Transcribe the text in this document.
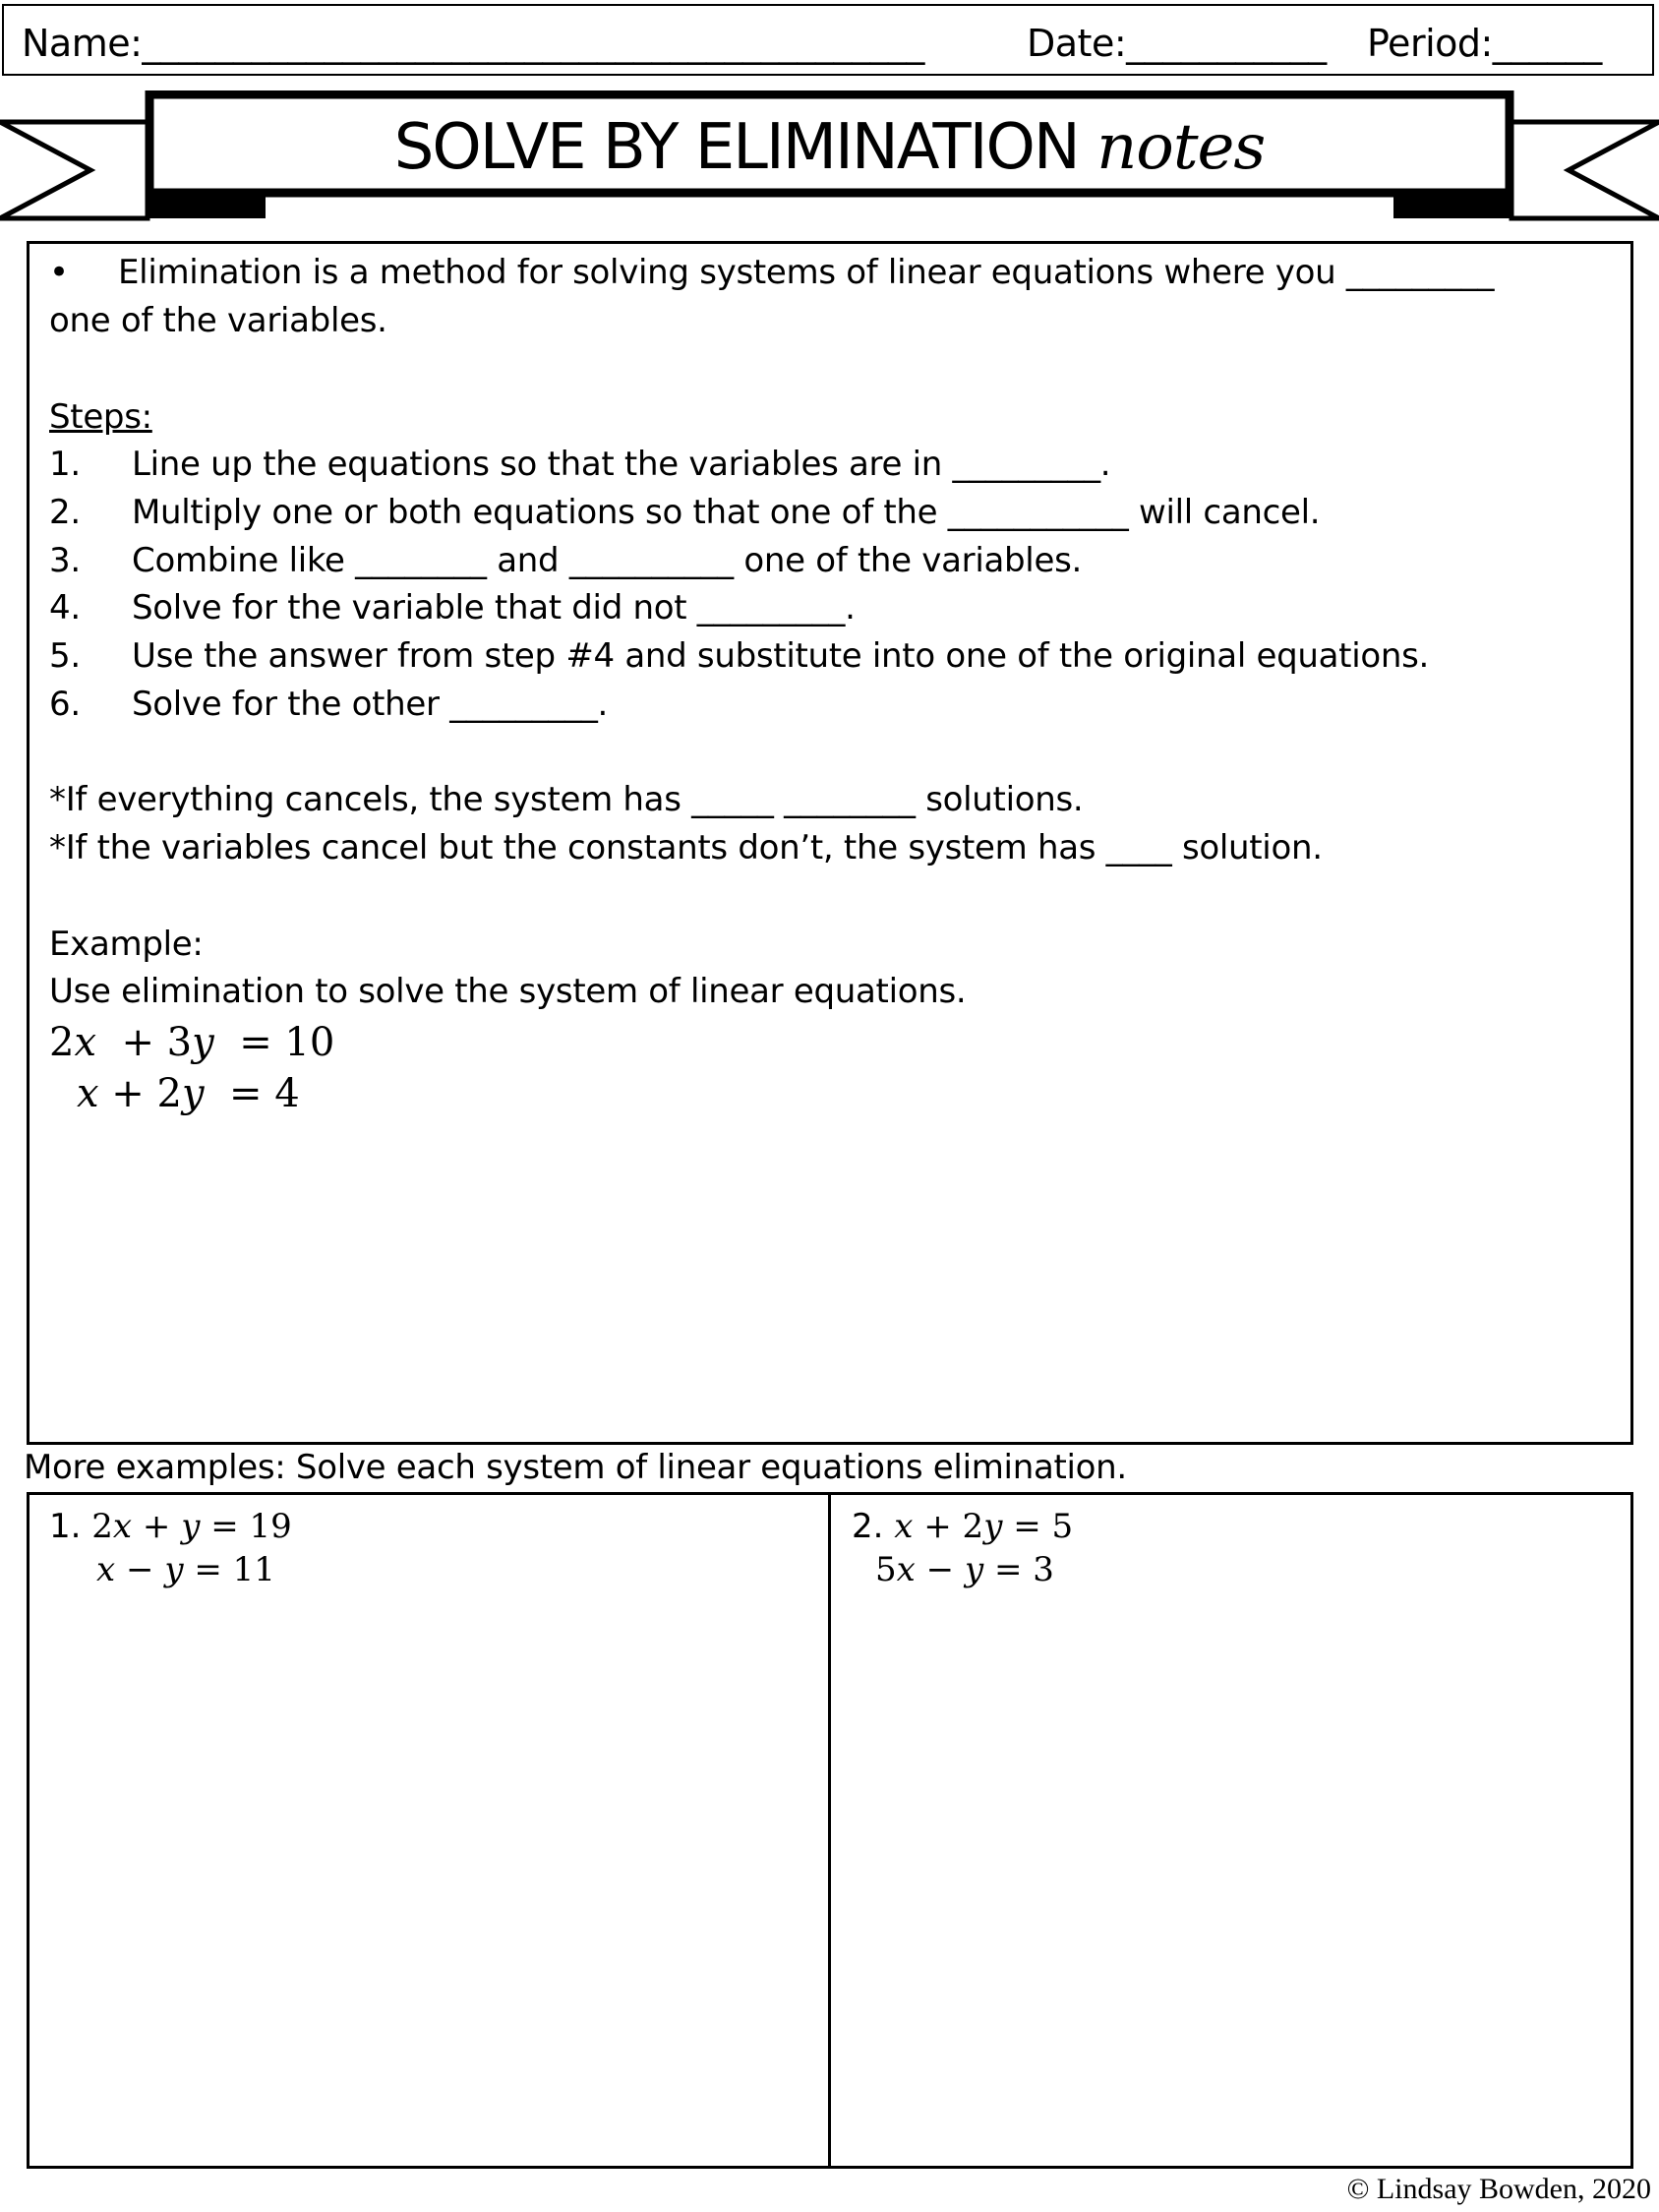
Name:___________________________________________	Date:___________ Period:______
SOLVE BY ELIMINATION notes
• Elimination is a method for solving systems of linear equations where you _________
one of the variables.
Steps:
1. Line up the equations so that the variables are in _________.
2. Multiply one or both equations so that one of the ___________ will cancel.
3. Combine like ________ and __________ one of the variables.
4. Solve for the variable that did not _________.
5. Use the answer from step #4 and substitute into one of the original equations.
6. Solve for the other _________.
*If everything cancels, the system has _____ ________ solutions.
*If the variables cancel but the constants don’t, the system has ____ solution.
Example:
Use elimination to solve the system of linear equations.
2x + 3y = 10
x + 2y = 4
More examples: Solve each system of linear equations elimination.
1. 2x + y = 19
x − y = 11
2. x + 2y = 5
5x − y = 3
© Lindsay Bowden, 2020
